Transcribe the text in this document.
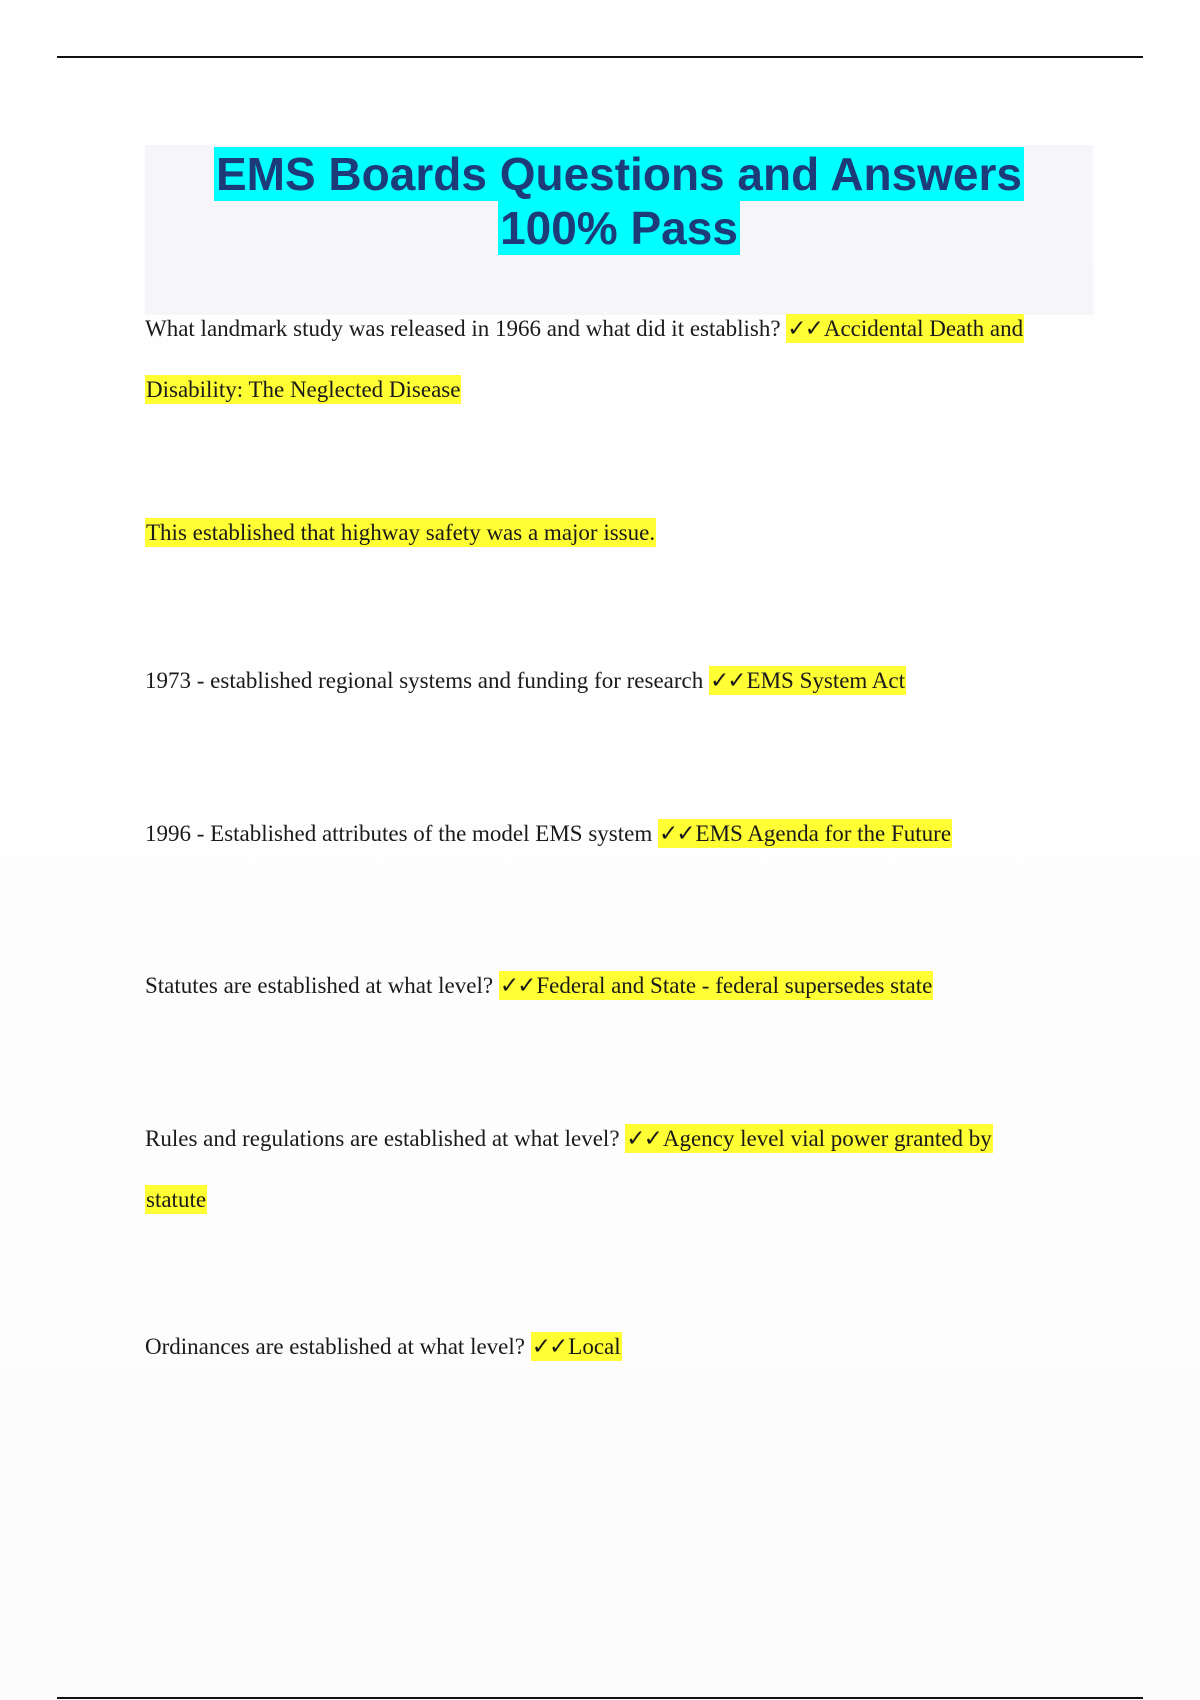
EMS Boards Questions and Answers
100% Pass
What landmark study was released in 1966 and what did it establish? ✓✓Accidental Death and
Disability: The Neglected Disease
This established that highway safety was a major issue.
1973 - established regional systems and funding for research ✓✓EMS System Act
1996 - Established attributes of the model EMS system ✓✓EMS Agenda for the Future
Statutes are established at what level? ✓✓Federal and State - federal supersedes state
Rules and regulations are established at what level? ✓✓Agency level vial power granted by
statute
Ordinances are established at what level? ✓✓Local
